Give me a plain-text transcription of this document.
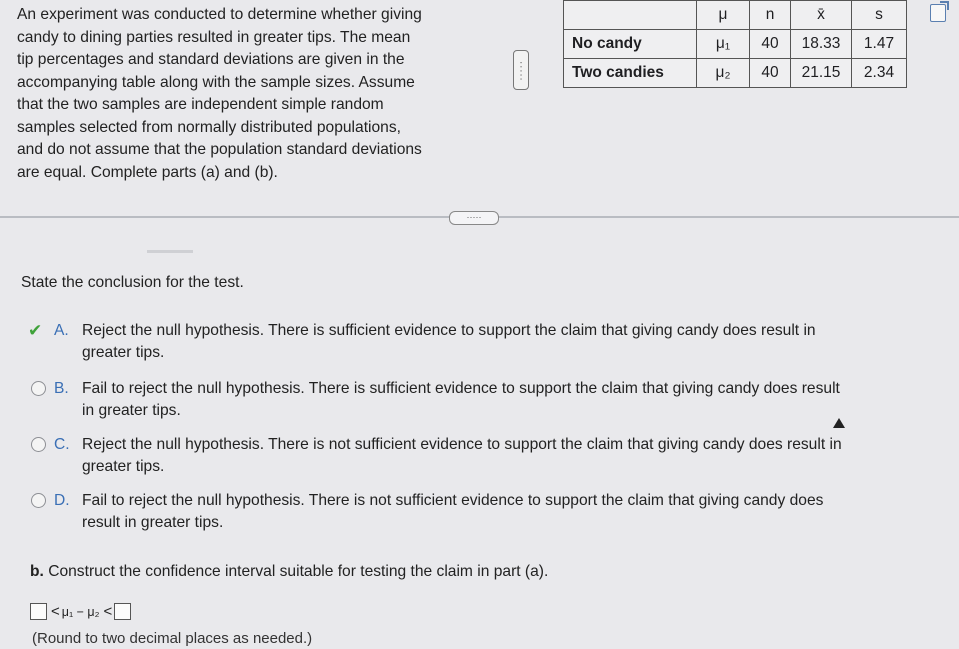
An experiment was conducted to determine whether giving
candy to dining parties resulted in greater tips. The mean
tip percentages and standard deviations are given in the
accompanying table along with the sample sizes. Assume
that the two samples are independent simple random
samples selected from normally distributed populations,
and do not assume that the population standard deviations
are equal. Complete parts (a) and (b).
· · · · ·
	μ	n	x̄	s
No candy	μ₁	40	18.33	1.47
Two candies	μ₂	40	21.15	2.34
·····
State the conclusion for the test.
✔ A. Reject the null hypothesis. There is sufficient evidence to support the claim that giving candy does result in
greater tips.
B. Fail to reject the null hypothesis. There is sufficient evidence to support the claim that giving candy does result
in greater tips.
C. Reject the null hypothesis. There is not sufficient evidence to support the claim that giving candy does result in
greater tips.
D. Fail to reject the null hypothesis. There is not sufficient evidence to support the claim that giving candy does
result in greater tips.
b. Construct the confidence interval suitable for testing the claim in part (a).
< μ₁ − μ₂ <
(Round to two decimal places as needed.)
